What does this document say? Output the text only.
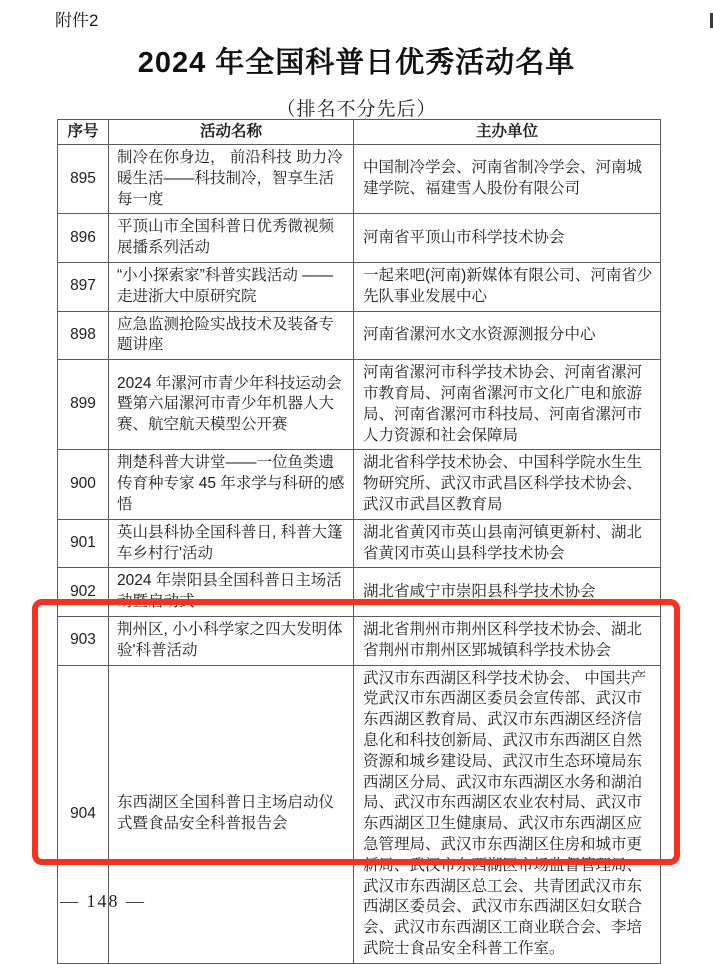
附件2
2024 年全国科普日优秀活动名单
（排名不分先后）
序号	活动名称	主办单位
895	制冷在你身边， 前沿科技 助力冷暖生活——科技制冷，智享生活每一度	中国制冷学会、河南省制冷学会、河南城 建学院、福建雪人股份有限公司
896	平顶山市全国科普日优秀微视频展播系列活动	河南省平顶山市科学技术协会
897	“小小探索家”科普实践活动 ——走进浙大中原研究院	一起来吧(河南)新媒体有限公司、河南省少先队事业发展中心
898	应急监测抢险实战技术及装备专题讲座	河南省漯河水文水资源测报分中心
899	2024 年漯河市青少年科技运动会暨第六届漯河市青少年机器人大赛、航空航天模型公开赛	河南省漯河市科学技术协会、河南省漯河市教育局、河南省漯河市文化广电和旅游局、河南省漯河市科技局、河南省漯河市人力资源和社会保障局
900	荆楚科普大讲堂——一位鱼类遗 传育种专家 45 年求学与科研的感悟	湖北省科学技术协会、中国科学院水生生物研究所、武汉市武昌区科学技术协会、 武汉市武昌区教育局
901	英山县科协全国科普日, 科普大篷车乡村行'活动	湖北省黄冈市英山县南河镇更新村、湖北省黄冈市英山县科学技术协会
902	2024 年崇阳县全国科普日主场活动暨启动式	湖北省咸宁市崇阳县科学技术协会
903	荆州区, 小小科学家之四大发明体验'科普活动	湖北省荆州市荆州区科学技术协会、湖北省荆州市荆州区郢城镇科学技术协会
904	东西湖区全国科普日主场启动仪式暨食品安全科普报告会	武汉市东西湖区科学技术协会、 中国共产党武汉市东西湖区委员会宣传部、武汉市东西湖区教育局、武汉市东西湖区经济信息化和科技创新局、武汉市东西湖区自然资源和城乡建设局、武汉市生态环境局东 西湖区分局、武汉市东西湖区水务和湖泊局、武汉市东西湖区农业农村局、武汉市东西湖区卫生健康局、武汉市东西湖区应急管理局、武汉市东西湖区住房和城市更新局、武汉市东西湖区市场监督管理局、 武汉市东西湖区总工会、共青团武汉市东西湖区委员会、武汉市东西湖区妇女联合会、武汉市东西湖区工商业联合会、李培武院士食品安全科普工作室。
— 148 —
